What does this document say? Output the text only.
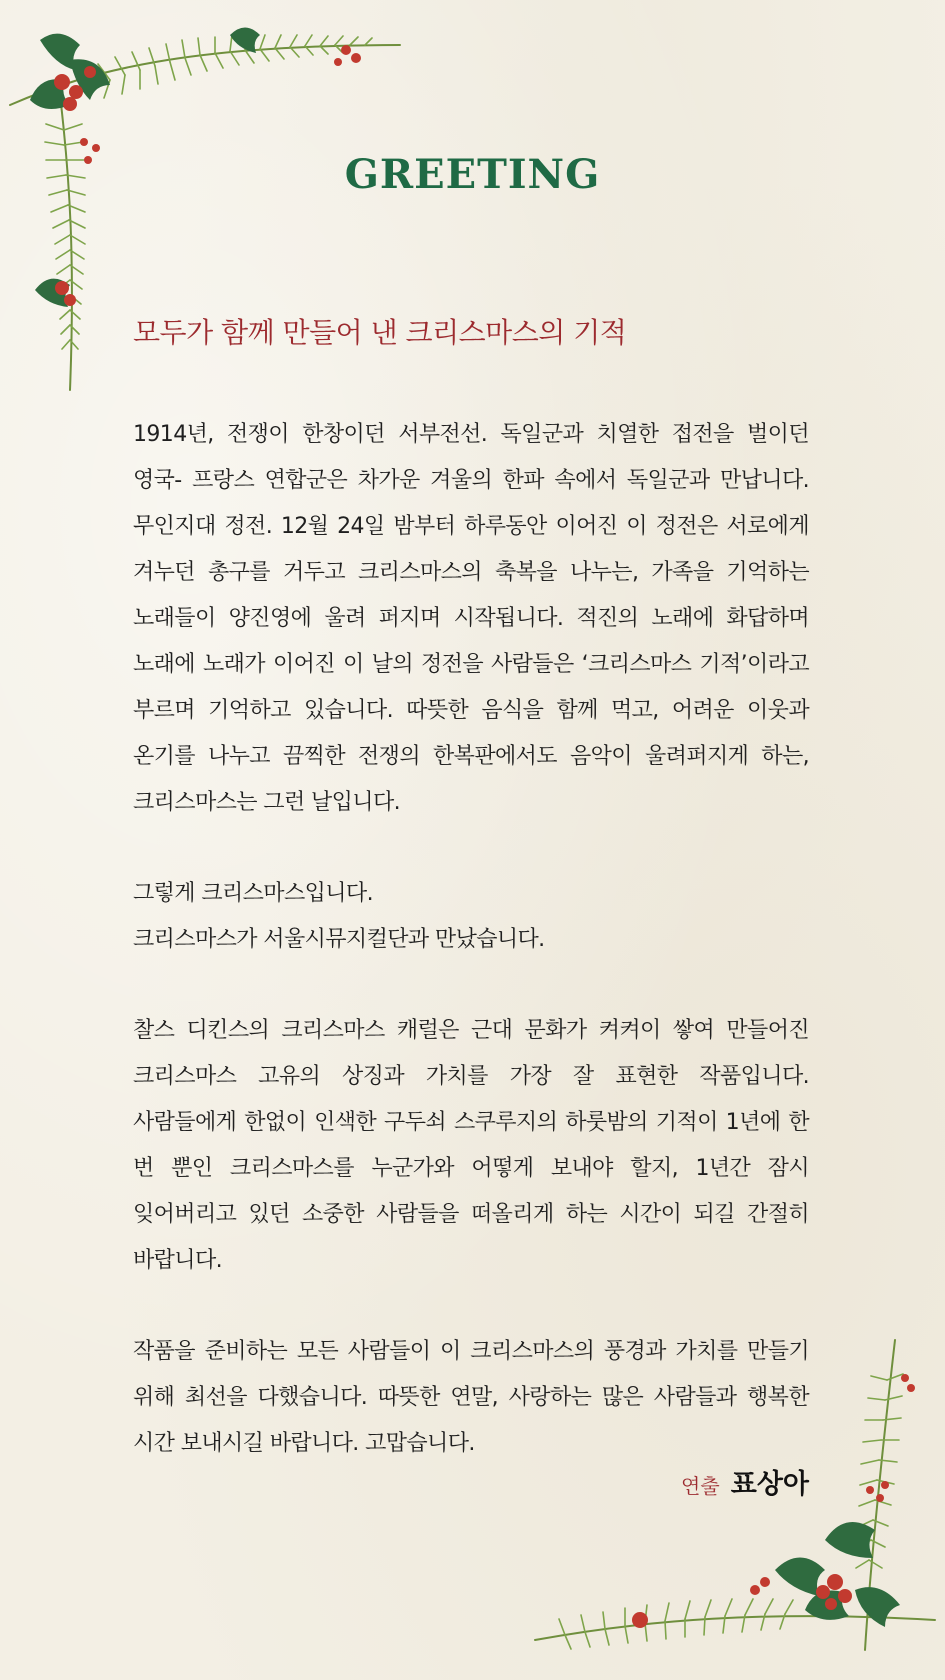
GREETING
모두가 함께 만들어 낸 크리스마스의 기적

1914년, 전쟁이 한창이던 서부전선. 독일군과 치열한 접전을 벌이던 영국- 프랑스 연합군은 차가운 겨울의 한파 속에서 독일군과 만납니다. 무인지대 정전. 12월 24일 밤부터 하루동안 이어진 이 정전은 서로에게 겨누던 총구를 거두고 크리스마스의 축복을 나누는, 가족을 기억하는 노래들이 양진영에 울려 퍼지며 시작됩니다. 적진의 노래에 화답하며 노래에 노래가 이어진 이 날의 정전을 사람들은 ‘크리스마스 기적’이라고 부르며 기억하고 있습니다. 따뜻한 음식을 함께 먹고, 어려운 이웃과 온기를 나누고 끔찍한 전쟁의 한복판에서도 음악이 울려퍼지게 하는, 크리스마스는 그런 날입니다.

그렇게 크리스마스입니다.
크리스마스가 서울시뮤지컬단과 만났습니다.

찰스 디킨스의 크리스마스 캐럴은 근대 문화가 켜켜이 쌓여 만들어진 크리스마스 고유의 상징과 가치를 가장 잘 표현한 작품입니다. 사람들에게 한없이 인색한 구두쇠 스쿠루지의 하룻밤의 기적이 1년에 한 번 뿐인 크리스마스를 누군가와 어떻게 보내야 할지, 1년간 잠시 잊어버리고 있던 소중한 사람들을 떠올리게 하는 시간이 되길 간절히 바랍니다.

작품을 준비하는 모든 사람들이 이 크리스마스의 풍경과 가치를 만들기 위해 최선을 다했습니다. 따뜻한 연말, 사랑하는 많은 사람들과 행복한 시간 보내시길 바랍니다. 고맙습니다.

연출 표상아
